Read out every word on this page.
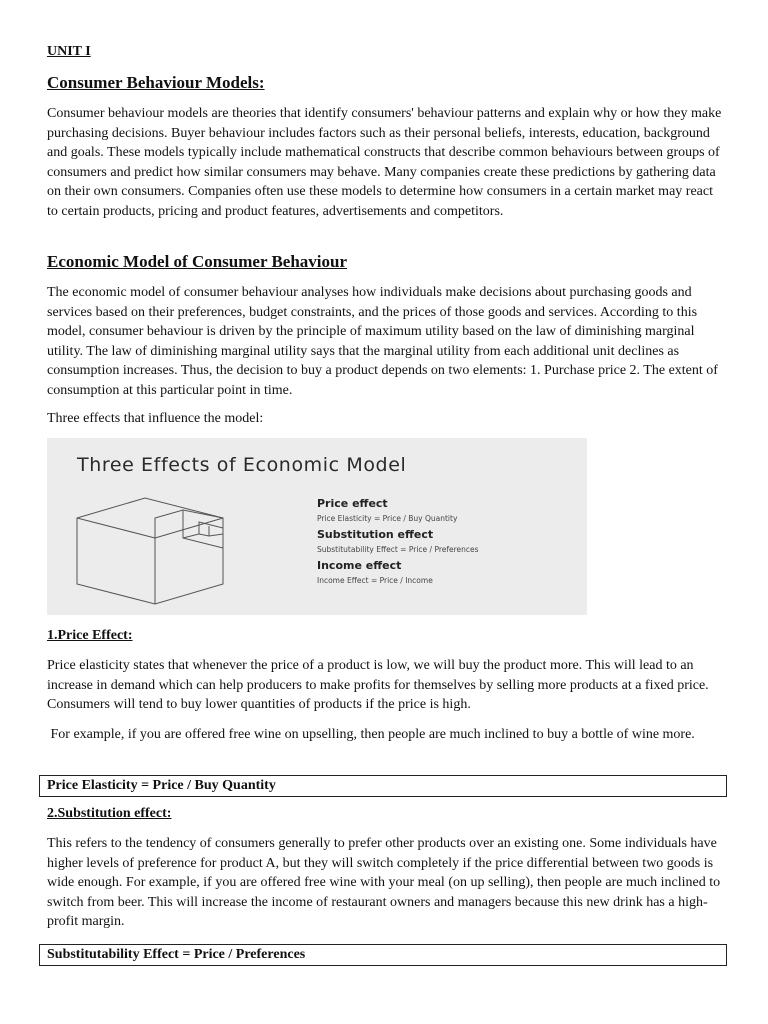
UNIT I
Consumer Behaviour Models:

Consumer behaviour models are theories that identify consumers' behaviour patterns and explain why or how they make purchasing decisions. Buyer behaviour includes factors such as their personal beliefs, interests, education, background and goals. These models typically include mathematical constructs that describe common behaviours between groups of consumers and predict how similar consumers may behave. Many companies create these predictions by gathering data on their own consumers. Companies often use these models to determine how consumers in a certain market may react to certain products, pricing and product features, advertisements and competitors.

Economic Model of Consumer Behaviour

The economic model of consumer behaviour analyses how individuals make decisions about purchasing goods and services based on their preferences, budget constraints, and the prices of those goods and services. According to this model, consumer behaviour is driven by the principle of maximum utility based on the law of diminishing marginal utility. The law of diminishing marginal utility says that the marginal utility from each additional unit declines as consumption increases. Thus, the decision to buy a product depends on two elements: 1. Purchase price 2. The extent of consumption at this particular point in time.

Three effects that influence the model:

Three Effects of Economic Model
Price effect
Price Elasticity = Price / Buy Quantity
Substitution effect
Substitutability Effect = Price / Preferences
Income effect
Income Effect = Price / Income
1.Price Effect:

Price elasticity states that whenever the price of a product is low, we will buy the product more. This will lead to an increase in demand which can help producers to make profits for themselves by selling more products at a fixed price. Consumers will tend to buy lower quantities of products if the price is high.

For example, if you are offered free wine on upselling, then people are much inclined to buy a bottle of wine more.

Price Elasticity = Price / Buy Quantity
2.Substitution effect:

This refers to the tendency of consumers generally to prefer other products over an existing one. Some individuals have higher levels of preference for product A, but they will switch completely if the price differential between two goods is wide enough. For example, if you are offered free wine with your meal (on up selling), then people are much inclined to switch from beer. This will increase the income of restaurant owners and managers because this new drink has a high-profit margin.

Substitutability Effect = Price / Preferences
